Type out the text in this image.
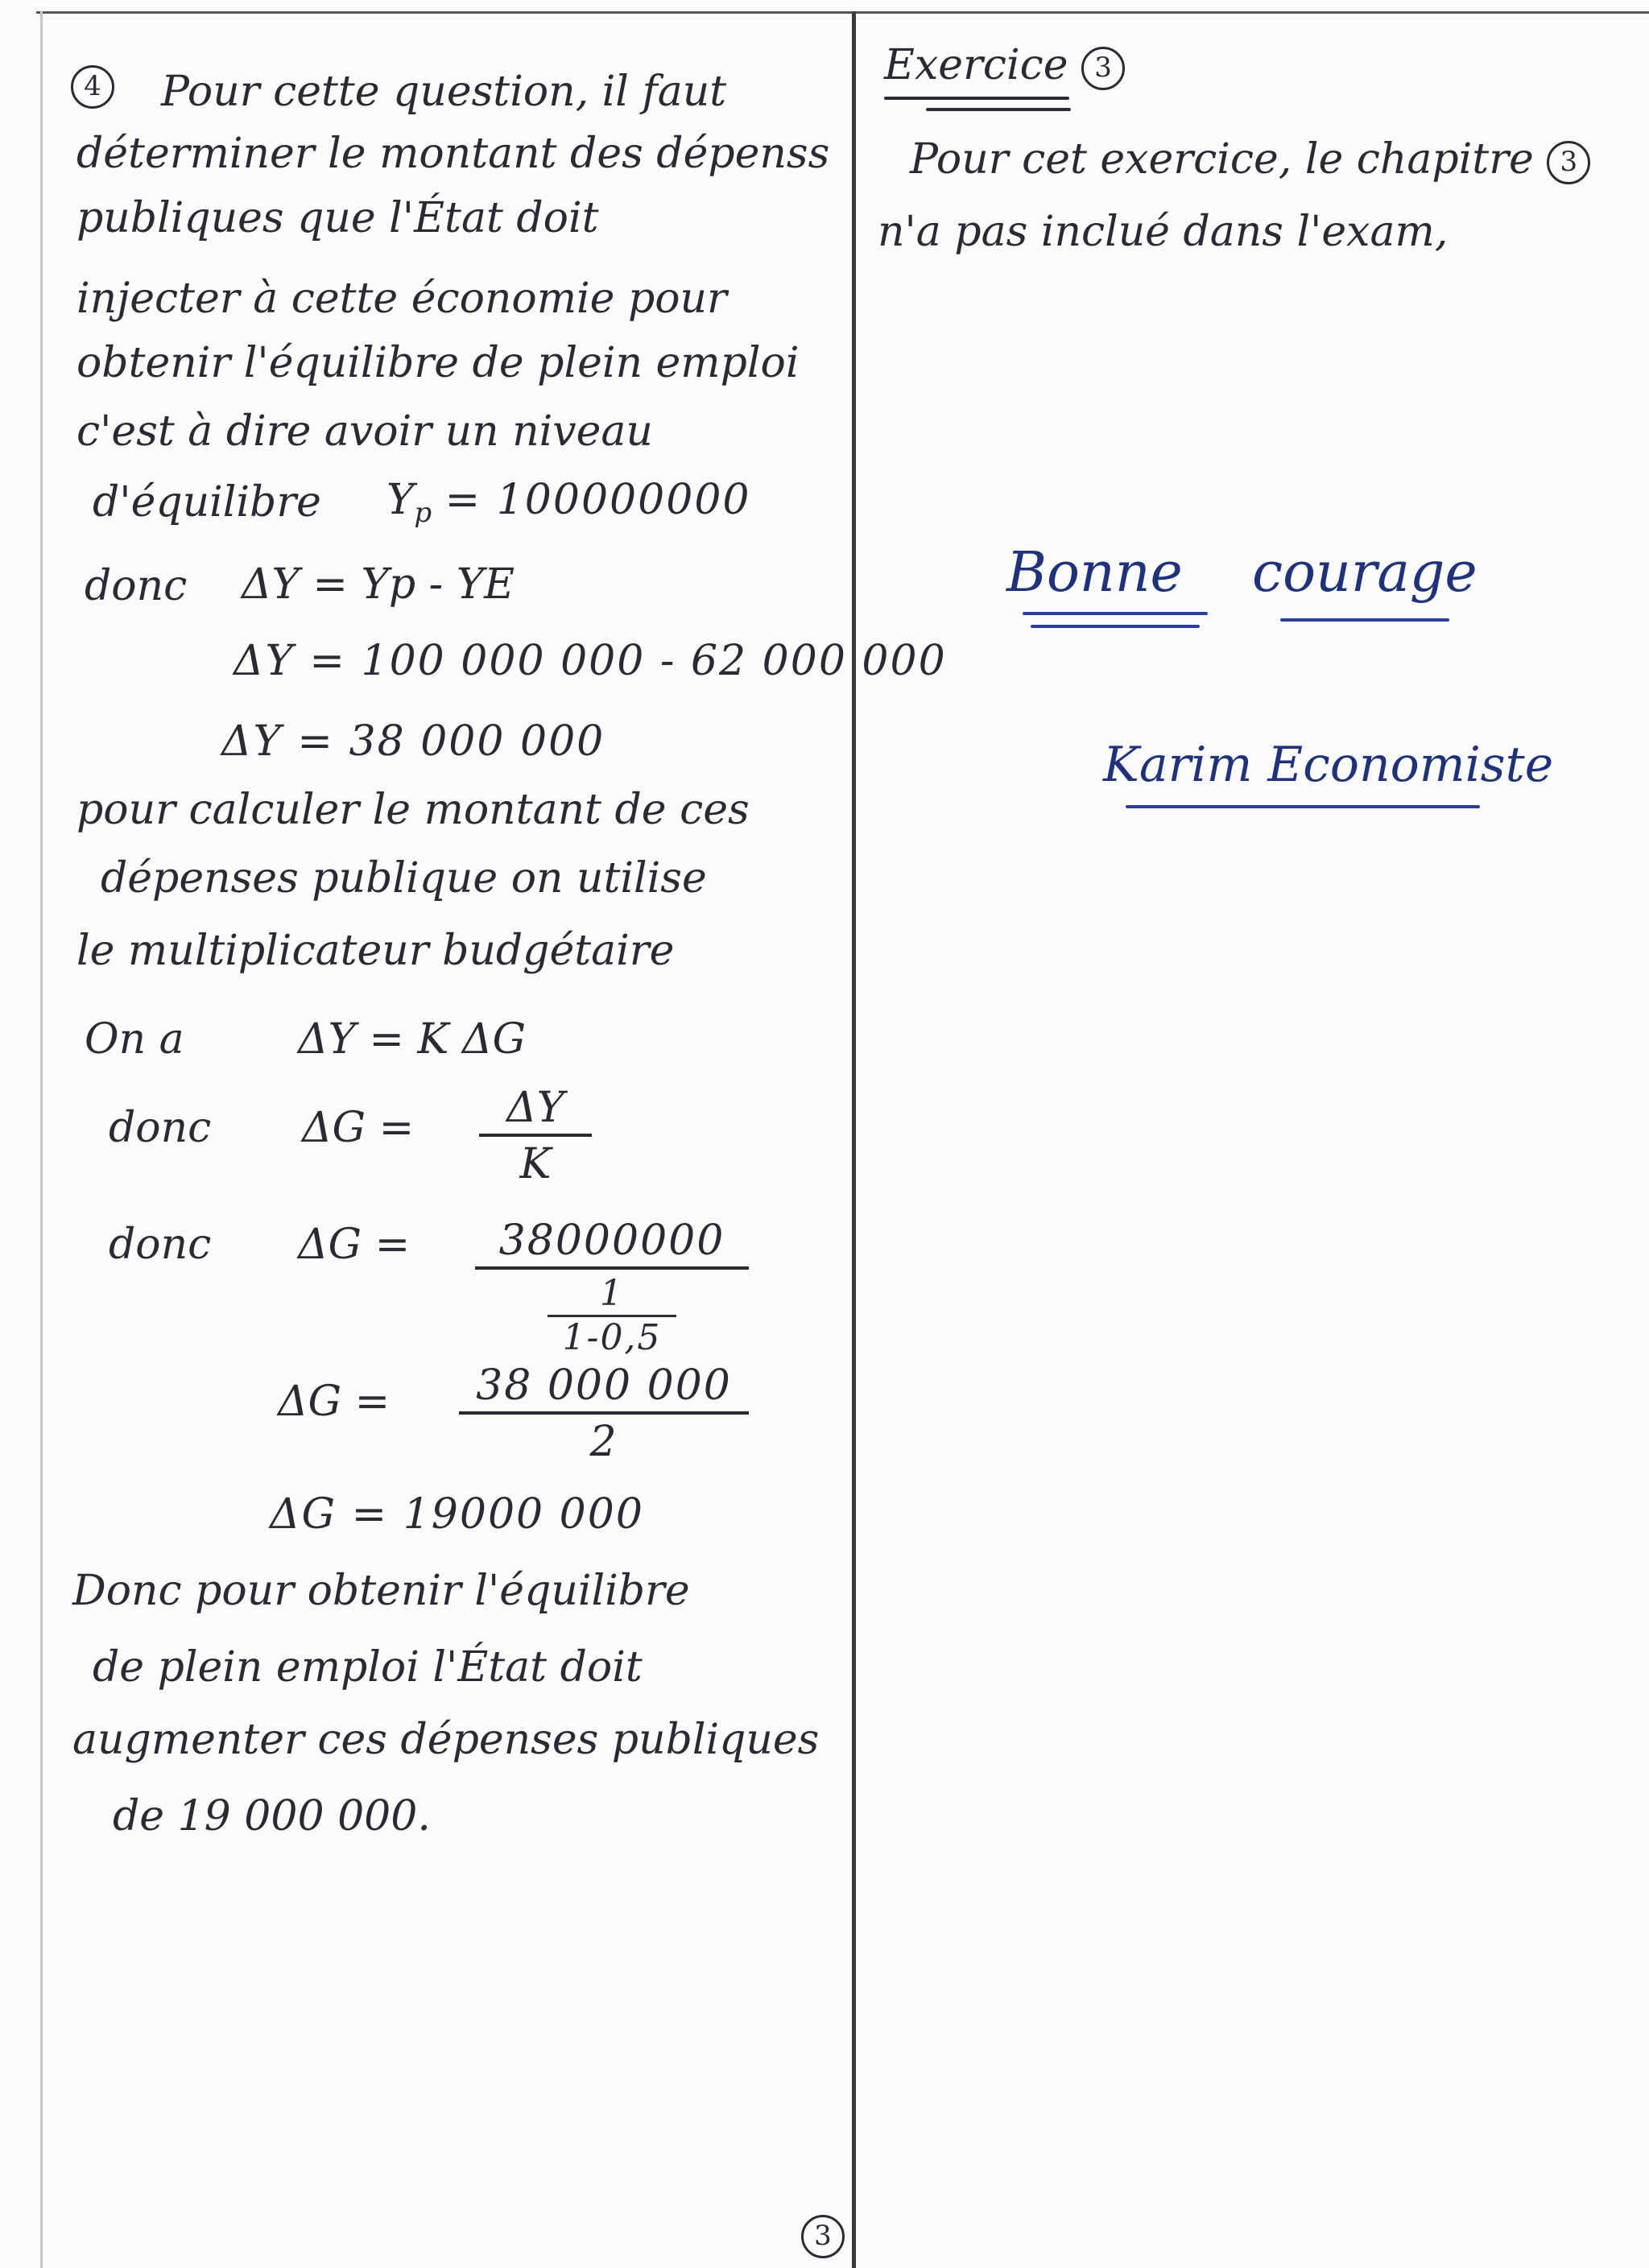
4	Pour cette question, il faut
déterminer le montant des dépenss
publiques que l'État doit
injecter à cette économie pour
obtenir l'équilibre de plein emploi
c'est à dire avoir un niveau
d'équilibre $Y_p = 100000000$
donc ΔY = Yp - YE
ΔY = 100 000 000 - 62 000 000
ΔY = 38 000 000
pour calculer le montant de ces
dépenses publique on utilise
le multiplicateur budgétaire
On a	ΔY = K ΔG
donc ΔG =	ΔY
K
donc ΔG =	38000000
1
1-0,5
ΔG =	38 000 000
2
ΔG = 19000 000
Donc pour obtenir l'équilibre
de plein emploi l'État doit
augmenter ces dépenses publiques
de 19 000 000.
3
Exercice 3
Pour cet exercice, le chapitre 3
n'a pas inclué dans l'exam,
Bonne courage
Karim Economiste
